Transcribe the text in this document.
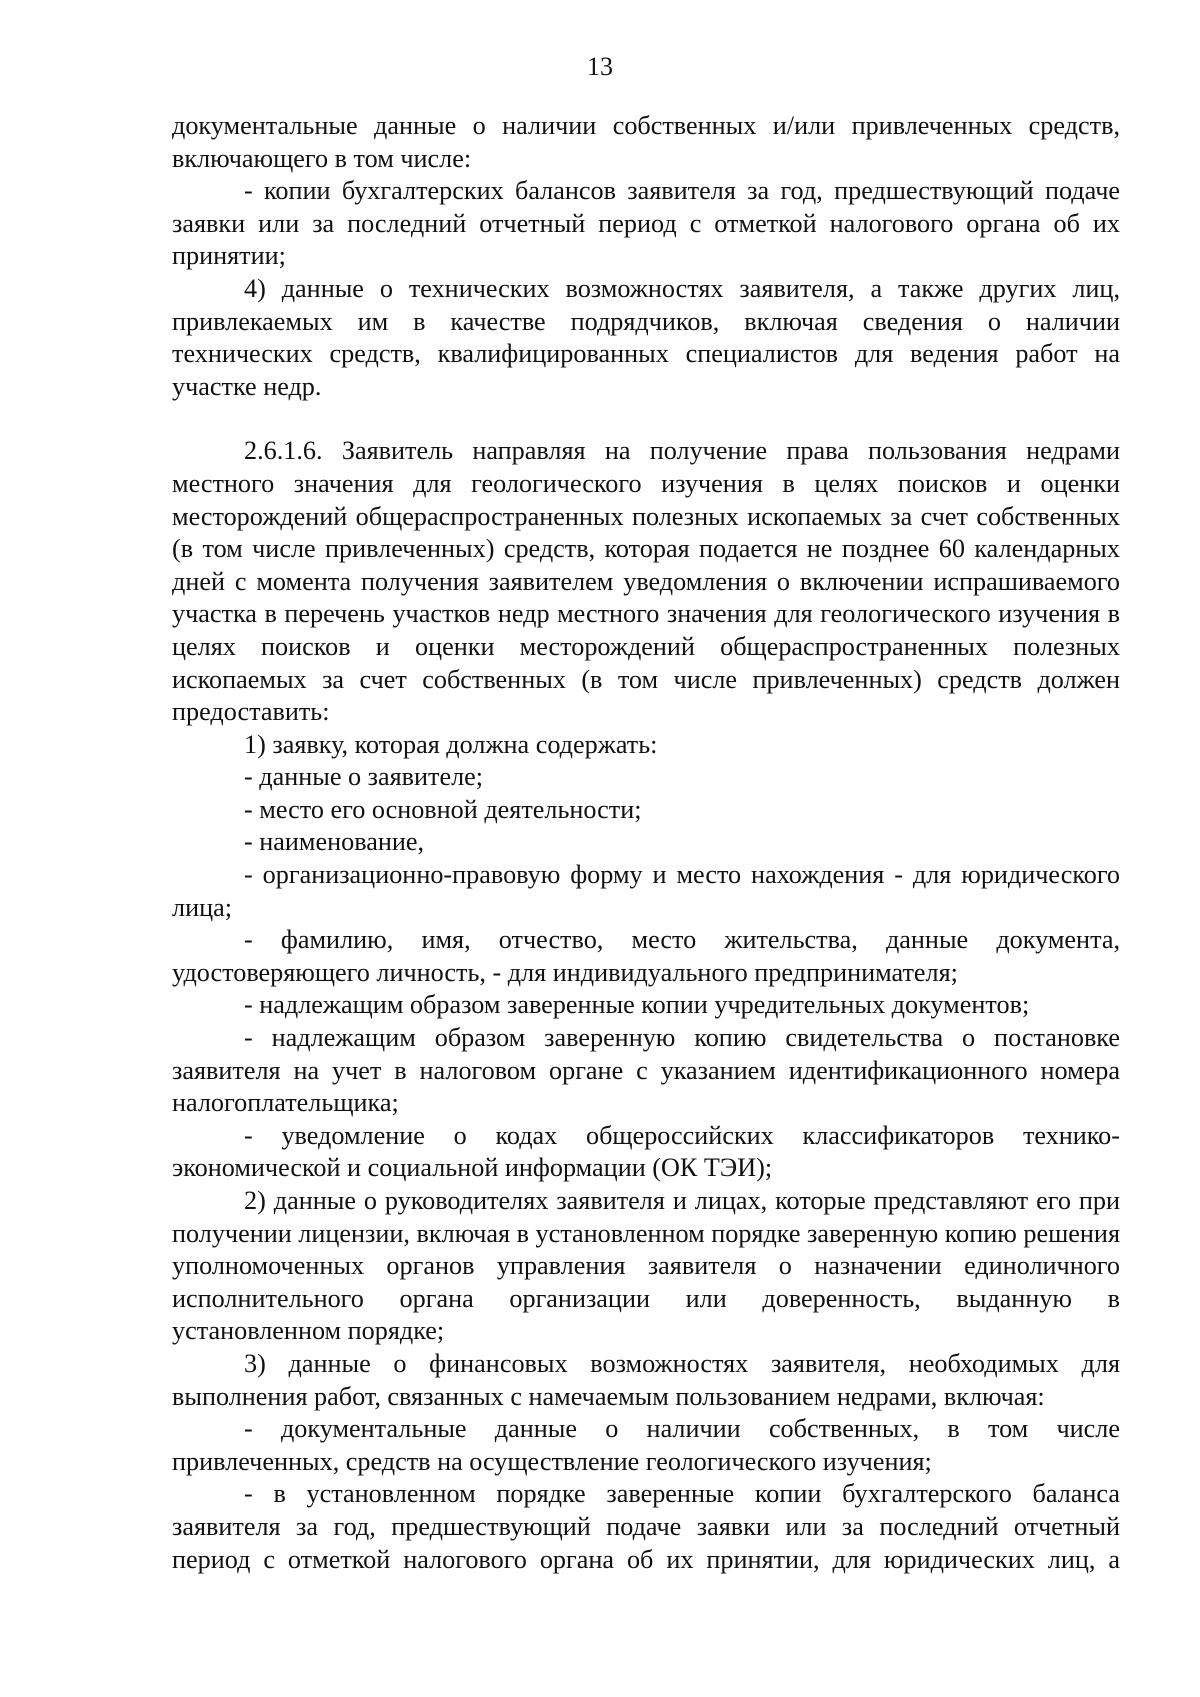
13

документальные данные о наличии собственных и/или привлеченных средств, включающего в том числе:

- копии бухгалтерских балансов заявителя за год, предшествующий подаче заявки или за последний отчетный период с отметкой налогового органа об их принятии;

4) данные о технических возможностях заявителя, а также других лиц, привлекаемых им в качестве подрядчиков, включая сведения о наличии технических средств, квалифицированных специалистов для ведения работ на участке недр.

2.6.1.6. Заявитель направляя на получение права пользования недрами местного значения для геологического изучения в целях поисков и оценки месторождений общераспространенных полезных ископаемых за счет собственных (в том числе привлеченных) средств, которая подается не позднее 60 календарных дней с момента получения заявителем уведомления о включении испрашиваемого участка в перечень участков недр местного значения для геологического изучения в целях поисков и оценки месторождений общераспространенных полезных ископаемых за счет собственных (в том числе привлеченных) средств должен предоставить:

1) заявку, которая должна содержать:

- данные о заявителе;

- место его основной деятельности;

- наименование,

- организационно-правовую форму и место нахождения - для юридического лица;

- фамилию, имя, отчество, место жительства, данные документа, удостоверяющего личность, - для индивидуального предпринимателя;

- надлежащим образом заверенные копии учредительных документов;

- надлежащим образом заверенную копию свидетельства о постановке заявителя на учет в налоговом органе с указанием идентификационного номера налогоплательщика;

- уведомление о кодах общероссийских классификаторов технико-экономической и социальной информации (ОК ТЭИ);

2) данные о руководителях заявителя и лицах, которые представляют его при получении лицензии, включая в установленном порядке заверенную копию решения уполномоченных органов управления заявителя о назначении единоличного исполнительного органа организации или доверенность, выданную в установленном порядке;

3) данные о финансовых возможностях заявителя, необходимых для выполнения работ, связанных с намечаемым пользованием недрами, включая:

- документальные данные о наличии собственных, в том числе привлеченных, средств на осуществление геологического изучения;

- в установленном порядке заверенные копии бухгалтерского баланса заявителя за год, предшествующий подаче заявки или за последний отчетный период с отметкой налогового органа об их принятии, для юридических лиц, а
